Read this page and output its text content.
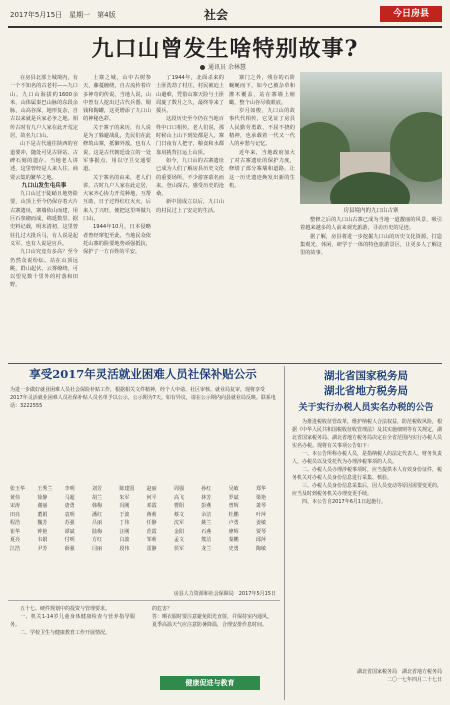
2017年5月15日　星期一　第4版	社会	今日房县
九口山曾发生啥特别故事?
通讯员 余林慧

在房县北部土城境内，有一个不知名的古老村——九口山。九口山海拔约1600余米，山体属秦巴山脉的东段余脉，山高谷深，地形复杂，自古以来就是兵家必争之地。相传古时有九户人家在此开荒定居，故名九口山。

山下是古代通往陕西的官道要冲，随处可见古驿站、古碑石刻的遗存。当地老人讲述，这里曾经是人来人往、商贾云集的繁华之地。

九口山发生屯兵事

九口山过于陡峭且地势险要，山顶上至今仍保存着大片古寨遗址，寨墙依山而建，用巨石垒砌而成，绵延数里。据史料记载，明末清初，这里曾驻扎过大批兵马，有人说是起义军，也有人说是官兵。

九口山究竟有多高？至今仍然众说纷纭。站在山顶远眺，群山起伏，云雾缭绕，可以望见数十里外的村落和田野。

土寨之城，山中古树参天，藤蔓缠绕，自古流传着许多神奇的传说。当地人说，山中曾有人挖出过古代兵器、铜钱和陶罐，这更增添了九口山的神秘色彩。

关于寨子的来历，有人说是为了躲避战乱，先民们在此修筑山寨，抵御外敌。也有人说，这是古代朝廷设立的一处军事据点，用以守卫交通要道。

关于寨名的由来，老人们讲，古时九户人家在此定居，大家齐心协力开荒种地，互帮互助，日子过得红红火火，后来人丁兴旺，便把这里叫做九口山。

1944年10月，日本侵略者曾经窜犯至此，当地民众依托山寨的险要地势顽强抵抗，保护了一方百姓的平安。

了1944年，北面杀来的土匪洗劫了村庄，村民被迫上山避难，凭借山寨天险与土匪周旋了数月之久，最终等来了援兵。

这段历史至今仍在当地百姓中口口相传。老人们说，那时候山上山下到处都是人，寨门日夜有人把守，粮食和水都靠肩挑背扛运上山顶。

如今，九口山的古寨遗址已成为人们了解房县历史文化的重要场所，不少游客慕名而来，登山探古，感受历史的沧桑。

新中国成立以后，九口山的村民过上了安定的生活。

寨门之外，残存的石阶蜿蜒而下，如今已被杂草和灌木覆盖，站在寨墙上俯瞰，整个山谷尽收眼底。

岁月如梭，九口山的故事代代相传，它见证了房县人民勤劳勇敢、不屈不挠的精神，也承载着一代又一代人的乡愁与记忆。

近年来，当地政府加大了对古寨遗址的保护力度，修缮了部分寨墙和道路，让这一历史遗迹焕发出新的生机。

房县境内的九口山古寨

整修之后的九口山古寨已成为当地一道靓丽的风景，吸引着越来越多的人前来观光旅游，寻访历史的足迹。

据了解，房县将进一步挖掘九口山的历史文化资源，打造集观光、休闲、研学于一体的特色旅游景区，让更多人了解这里的故事。

享受2017年灵活就业困难人员社保补贴公示
为进一步做好就业困难人员社会保险补贴工作，根据相关文件精神，经个人申请、社区审核、就业局复审，现将享受2017年灵活就业困难人员社保补贴人员名单予以公示，公示期为7天。如有异议，请在公示期内向县就业局反映。联系电话：3222555
张玉华	王秀兰	李明	刘芳	陈建国	赵丽	周强	孙红	吴敏	郑华
黄伟	徐静	马超	胡兰	朱军	何平	高飞	林芳	罗斌	梁艳
宋涛	谢丽	唐勇	韩梅	冯刚	邓霞	曹阳	彭燕	曾辉	萧琴
田亮	董娟	袁明	潘红	于波	蒋莉	蔡文	余洁	杜鹏	叶萍
程浩	魏芳	苏强	吕丽	丁伟	任静	沈军	姚兰	卢勇	姜敏
崔华	钟艳	谭斌	陆梅	汪刚	范霞	金阳	石燕	廖辉	贾琴
夏亮	韦娟	付明	方红	白波	邹莉	孟文	熊洁	秦鹏	邱萍
江浩	尹芳	薛强	闫丽	段伟	雷静	侯军	龙兰	史勇	陶敏
房县人力资源和社会保障局　2017年5月15日

五十七、硬件规划中的投资与管理要求。

一、机关1-14岁儿童身体健康检查与营养指导服务。

二、学校卫生与健康教育工作开展情况。

的危害？

答：晒衣服时要注意避免阳光直射，并保持室内通风。

夏季高温天气应注意防暑降温，合理安排作息时间。

健康促进与教育
湖北省国家税务局
湖北省地方税务局
关于实行办税人员实名办税的公告

为推进税收征管改革，维护纳税人合法权益，防范税收风险，根据《中华人民共和国税收征收管理法》及其实施细则等有关规定，湖北省国家税务局、湖北省地方税务局决定在全省范围内实行办税人员实名办税。现将有关事项公告如下：

一、本公告所称办税人员，是指纳税人的法定代表人、财务负责人、办税员以及受托代为办理涉税事项的人员。

二、办税人员办理涉税事项时，应当提供本人有效身份证件，税务机关对办税人员身份信息进行采集、核验。

三、办税人员身份信息采集后，因人员变动等原因需要变更的，应当及时到税务机关办理变更手续。

四、本公告自2017年6月1日起施行。

湖北省国家税务局　湖北省地方税务局
二〇一七年四月二十七日
